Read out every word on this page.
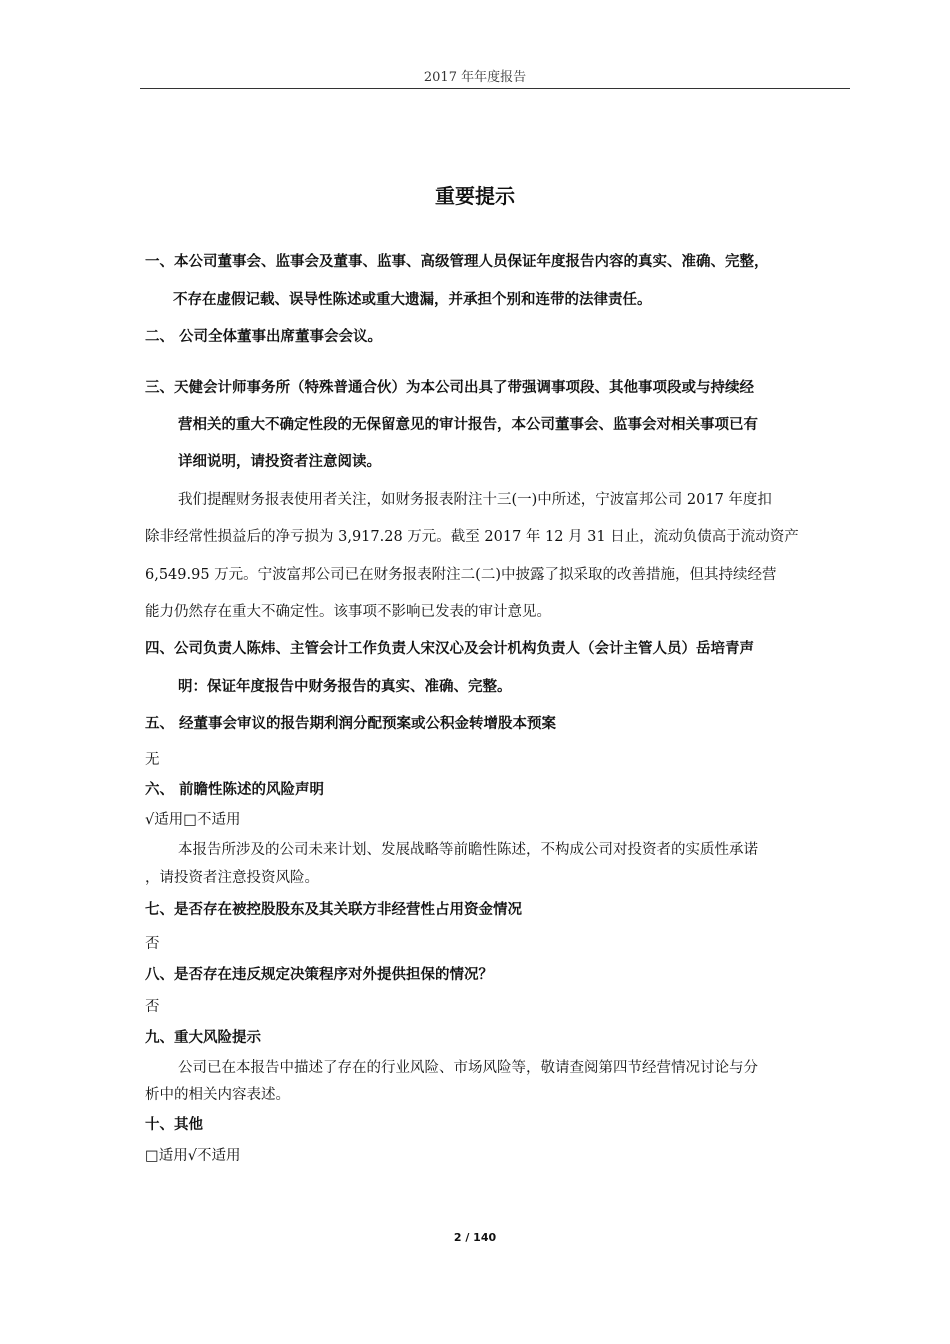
2017 年年度报告
重要提示
一、本公司董事会、监事会及董事、监事、高级管理人员保证年度报告内容的真实、准确、完整，
不存在虚假记载、误导性陈述或重大遗漏，并承担个别和连带的法律责任。
二、 公司全体董事出席董事会会议。
三、天健会计师事务所（特殊普通合伙）为本公司出具了带强调事项段、其他事项段或与持续经
营相关的重大不确定性段的无保留意见的审计报告，本公司董事会、监事会对相关事项已有
详细说明，请投资者注意阅读。
我们提醒财务报表使用者关注，如财务报表附注十三(一)中所述，宁波富邦公司 2017 年度扣
除非经常性损益后的净亏损为 3,917.28 万元。截至 2017 年 12 月 31 日止，流动负债高于流动资产
6,549.95 万元。宁波富邦公司已在财务报表附注二(二)中披露了拟采取的改善措施，但其持续经营
能力仍然存在重大不确定性。该事项不影响已发表的审计意见。
四、公司负责人陈炜、主管会计工作负责人宋汉心及会计机构负责人（会计主管人员）岳培青声
明：保证年度报告中财务报告的真实、准确、完整。
五、 经董事会审议的报告期利润分配预案或公积金转增股本预案
无
六、 前瞻性陈述的风险声明
√适用□不适用
本报告所涉及的公司未来计划、发展战略等前瞻性陈述，不构成公司对投资者的实质性承诺
，请投资者注意投资风险。
七、是否存在被控股股东及其关联方非经营性占用资金情况
否
八、是否存在违反规定决策程序对外提供担保的情况？
否
九、重大风险提示
公司已在本报告中描述了存在的行业风险、市场风险等，敬请查阅第四节经营情况讨论与分
析中的相关内容表述。
十、其他
□适用√不适用
2 / 140
